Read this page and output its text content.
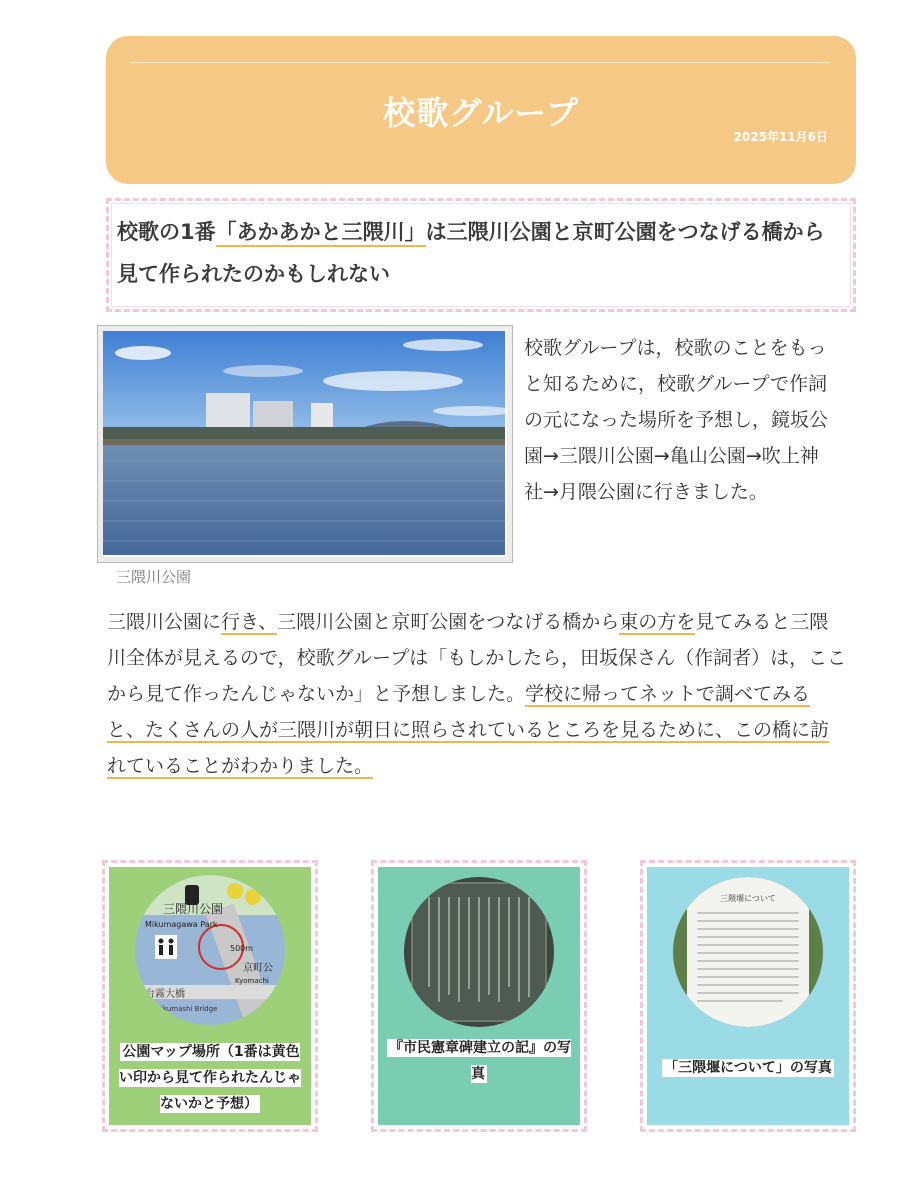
校歌グループ
2025年11月6日
校歌の1番「あかあかと三隈川」は三隈川公園と京町公園をつなげる橋から見て作られたのかもしれない
三隈川公園
校歌グループは，校歌のことをもっと知るために，校歌グループで作詞の元になった場所を予想し，鏡坂公園→三隈川公園→亀山公園→吹上神社→月隈公園に行きました。
三隈川公園に行き、三隈川公園と京町公園をつなげる橋から東の方を見てみると三隈川全体が見えるので，校歌グループは「もしかしたら，田坂保さん（作詞者）は，ここから見て作ったんじゃないか」と予想しました。学校に帰ってネットで調べてみると、たくさんの人が三隈川が朝日に照らされているところを見るために、この橋に訪れていることがわかりました。
三隈川公園
Mikumagawa Park
500m
京町公
Kyomachi
台霧大橋
Mikumashi Bridge
公園マップ場所（1番は黄色い印から見て作られたんじゃないかと予想）
『市民憲章碑建立の記』の写真
三隈堰について
「三隈堰について」の写真
